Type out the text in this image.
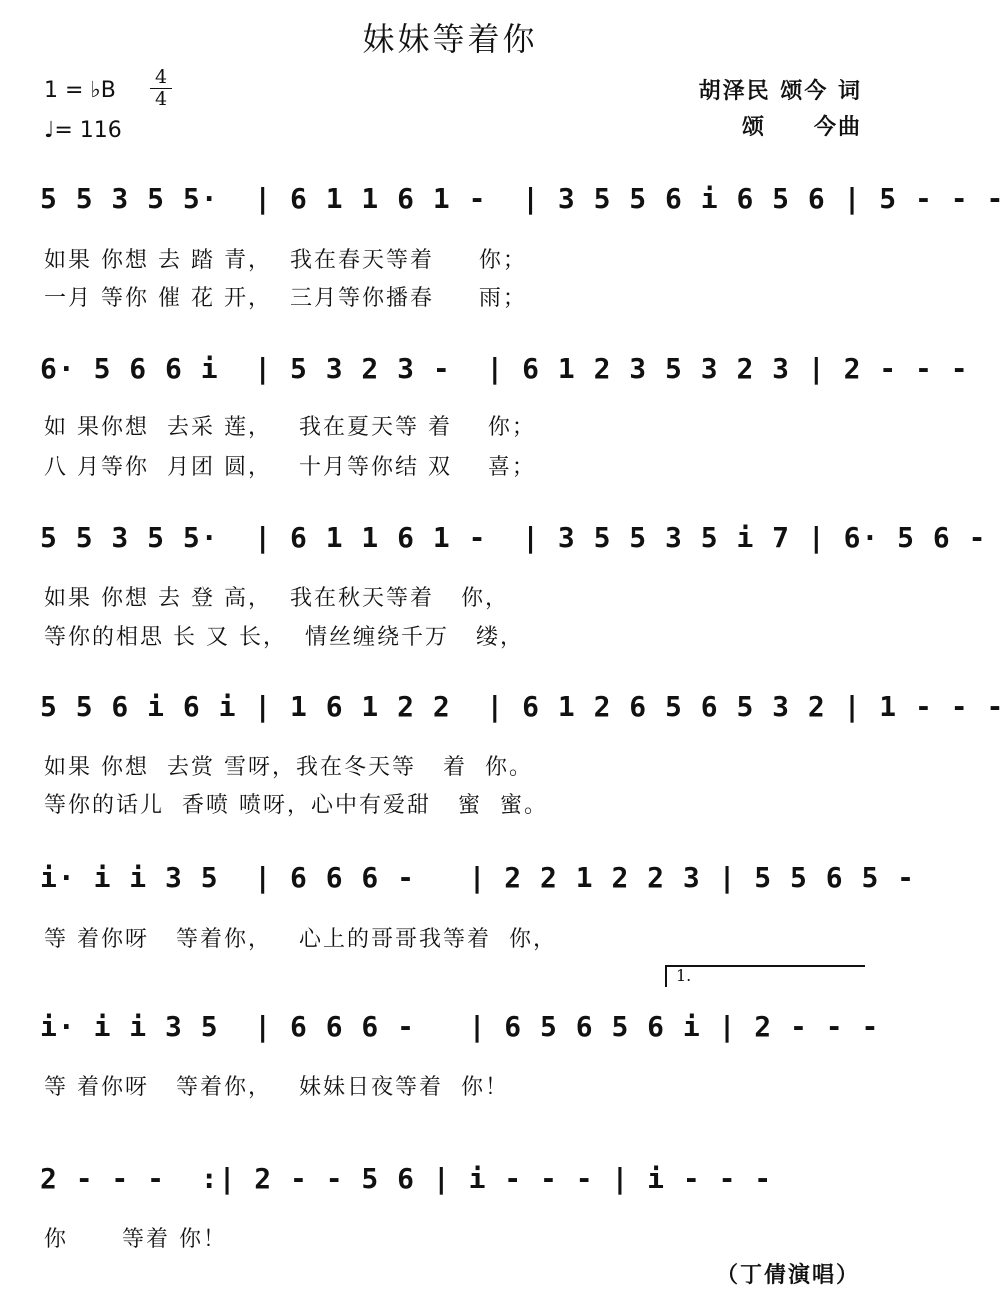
妹妹等着你
1 = ♭B
4
4
♩= 116
胡泽民 颂今 词
颂　　今曲
5 5 3 5 5·  | 6 1 1 6 1 -  | 3 5 5 6 i 6 5 6 | 5 - - -
如果 你想 去 踏 青，  我在春天等着     你；
一月 等你 催 花 开，  三月等你播春     雨；
6· 5 6 6 i  | 5 3 2 3 -  | 6 1 2 3 5 3 2 3 | 2 - - -
如 果你想  去采 莲，   我在夏天等 着    你；
八 月等你  月团 圆，   十月等你结 双    喜；
5 5 3 5 5·  | 6 1 1 6 1 -  | 3 5 5 3 5 i 7 | 6· 5 6 -
如果 你想 去 登 高，  我在秋天等着   你，
等你的相思 长 又 长，  情丝缠绕千万   缕，
5 5 6 i 6 i | 1 6 1 2 2  | 6 1 2 6 5 6 5 3 2 | 1 - - -
如果 你想  去赏 雪呀，我在冬天等   着  你。
等你的话儿  香喷 喷呀，心中有爱甜   蜜  蜜。
i· i i 3 5  | 6 6 6 -   | 2 2 1 2 2 3 | 5 5 6 5 -
等 着你呀   等着你，   心上的哥哥我等着  你，
1.
i· i i 3 5  | 6 6 6 -   | 6 5 6 5 6 i | 2 - - -
等 着你呀   等着你，   妹妹日夜等着  你！
2 - - -  :| 2 - - 5 6 | i - - - | i - - -
你      等着 你！
（丁倩演唱）
